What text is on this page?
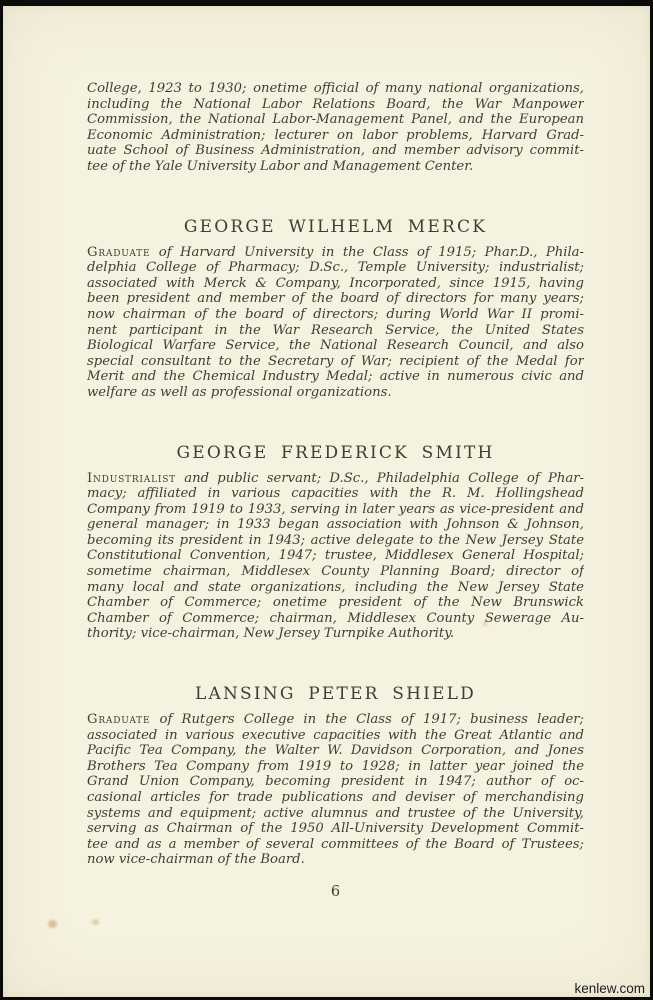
College, 1923 to 1930; onetime official of many national organizations,
including the National Labor Relations Board, the War Manpower
Commission, the National Labor-Management Panel, and the European
Economic Administration; lecturer on labor problems, Harvard Grad-
uate School of Business Administration, and member advisory commit-
tee of the Yale University Labor and Management Center.
GEORGE WILHELM MERCK
Graduate of Harvard University in the Class of 1915; Phar.D., Phila-
delphia College of Pharmacy; D.Sc., Temple University; industrialist;
associated with Merck & Company, Incorporated, since 1915, having
been president and member of the board of directors for many years;
now chairman of the board of directors; during World War II promi-
nent participant in the War Research Service, the United States
Biological Warfare Service, the National Research Council, and also
special consultant to the Secretary of War; recipient of the Medal for
Merit and the Chemical Industry Medal; active in numerous civic and
welfare as well as professional organizations.
GEORGE FREDERICK SMITH
Industrialist and public servant; D.Sc., Philadelphia College of Phar-
macy; affiliated in various capacities with the R. M. Hollingshead
Company from 1919 to 1933, serving in later years as vice-president and
general manager; in 1933 began association with Johnson & Johnson,
becoming its president in 1943; active delegate to the New Jersey State
Constitutional Convention, 1947; trustee, Middlesex General Hospital;
sometime chairman, Middlesex County Planning Board; director of
many local and state organizations, including the New Jersey State
Chamber of Commerce; onetime president of the New Brunswick
Chamber of Commerce; chairman, Middlesex County Sewerage Au-
thority; vice-chairman, New Jersey Turnpike Authority.
LANSING PETER SHIELD
Graduate of Rutgers College in the Class of 1917; business leader;
associated in various executive capacities with the Great Atlantic and
Pacific Tea Company, the Walter W. Davidson Corporation, and Jones
Brothers Tea Company from 1919 to 1928; in latter year joined the
Grand Union Company, becoming president in 1947; author of oc-
casional articles for trade publications and deviser of merchandising
systems and equipment; active alumnus and trustee of the University,
serving as Chairman of the 1950 All-University Development Commit-
tee and as a member of several committees of the Board of Trustees;
now vice-chairman of the Board.
6
kenlew.com
